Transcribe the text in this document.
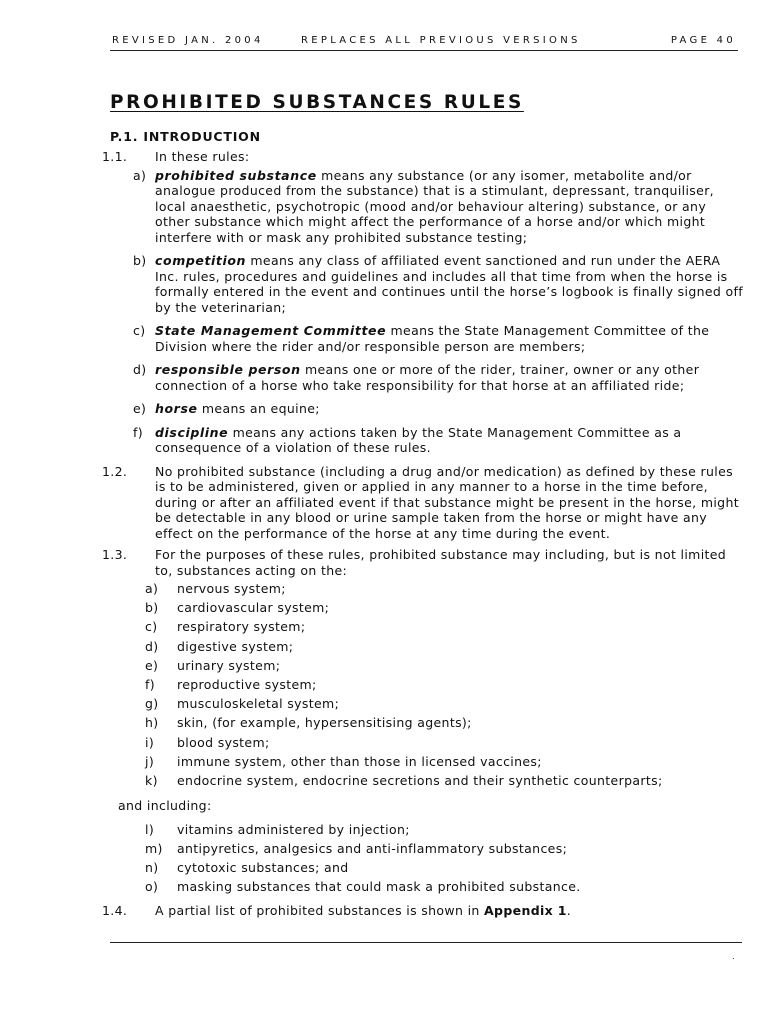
REVISED JAN. 2004	REPLACES ALL PREVIOUS VERSIONS	PAGE 40
PROHIBITED SUBSTANCES RULES
P.1. INTRODUCTION
1.1. In these rules:
a) prohibited substance means any substance (or any isomer, metabolite and/or analogue produced from the substance) that is a stimulant, depressant, tranquiliser, local anaesthetic, psychotropic (mood and/or behaviour altering) substance, or any other substance which might affect the performance of a horse and/or which might interfere with or mask any prohibited substance testing;
b) competition means any class of affiliated event sanctioned and run under the AERA Inc. rules, procedures and guidelines and includes all that time from when the horse is formally entered in the event and continues until the horse’s logbook is finally signed off by the veterinarian;
c) State Management Committee means the State Management Committee of the Division where the rider and/or responsible person are members;
d) responsible person means one or more of the rider, trainer, owner or any other connection of a horse who take responsibility for that horse at an affiliated ride;
e) horse means an equine;
f) discipline means any actions taken by the State Management Committee as a consequence of a violation of these rules.
1.2. No prohibited substance (including a drug and/or medication) as defined by these rules is to be administered, given or applied in any manner to a horse in the time before, during or after an affiliated event if that substance might be present in the horse, might be detectable in any blood or urine sample taken from the horse or might have any effect on the performance of the horse at any time during the event.
1.3. For the purposes of these rules, prohibited substance may including, but is not limited to, substances acting on the:
a) nervous system;
b) cardiovascular system;
c) respiratory system;
d) digestive system;
e) urinary system;
f) reproductive system;
g) musculoskeletal system;
h) skin, (for example, hypersensitising agents);
i) blood system;
j) immune system, other than those in licensed vaccines;
k) endocrine system, endocrine secretions and their synthetic counterparts;
and including:
l) vitamins administered by injection;
m) antipyretics, analgesics and anti-inflammatory substances;
n) cytotoxic substances; and
o) masking substances that could mask a prohibited substance.
1.4. A partial list of prohibited substances is shown in Appendix 1.
.
